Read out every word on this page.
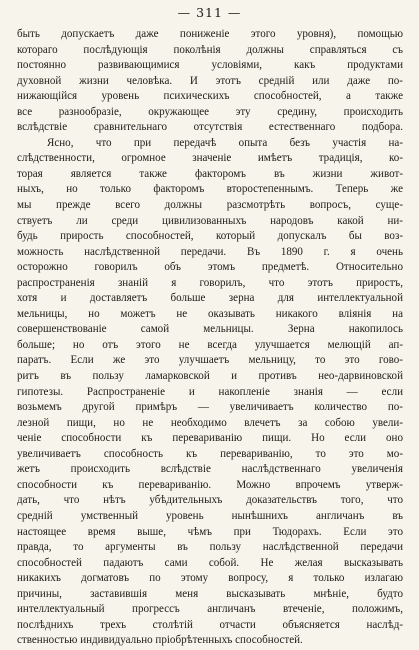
— 311 —
быть допускаетъ даже пониженіе этого уровня), помощью
котораго послѣдующія поколѣнія должны справляться съ
постоянно развивающимися условіями, какъ продуктами
духовной жизни человѣка. И этотъ средній или даже по-
нижающійся уровень психическихъ способностей, а также
все разнообразіе, окружающее эту средину, происходить
вслѣдствіе сравнительнаго отсутствія естественнаго подбора.
Ясно, что при передачѣ опыта безъ участія на-
слѣдственности, огромное значеніе имѣетъ традиція, ко-
торая является также факторомъ въ жизни живот-
ныхъ, но только факторомъ второстепеннымъ. Теперь же
мы прежде всего должны разсмотрѣть вопросъ, суще-
ствуетъ ли среди цивилизованныхъ народовъ какой ни-
будь прирость способностей, который допускалъ бы воз-
можность наслѣдственной передачи. Въ 1890 г. я очень
осторожно говорилъ объ этомъ предметѣ. Относительно
распространенія знаній я говорилъ, что этотъ приростъ,
хотя и доставляетъ больше зерна для интеллектуальной
мельницы, но можетъ не оказывать никакого вліянія на
совершенствованіе самой мельницы. Зерна накопилось
больше; но отъ этого не всегда улучшается мелющій ап-
паратъ. Если же это улучшаетъ мельницу, то это гово-
ритъ въ пользу ламарковской и противъ нео-дарвиновской
гипотезы. Распространеніе и накопленіе знанія — если
возьмемъ другой примѣръ — увеличиваетъ количество по-
лезной пищи, но не необходимо влечетъ за собою увели-
ченіе способности къ перевариванію пищи. Но если оно
увеличиваетъ способность къ перевариванію, то это мо-
жетъ происходить вслѣдствіе наслѣдственнаго увеличенія
способности къ перевариванію. Можно впрочемъ утверж-
дать, что нѣтъ убѣдительныхъ доказательствъ того, что
средній умственный уровень нынѣшнихъ англичанъ въ
настоящее время выше, чѣмъ при Тюдорахъ. Если это
правда, то аргументы въ пользу наслѣдственной передачи
способностей падаютъ сами собой. Не желая высказывать
никакихъ догматовъ по этому вопросу, я только излагаю
причины, заставившія меня высказывать мнѣніе, будто
интеллектуальный прогрессъ англичанъ втеченіе, положимъ,
послѣднихъ трехъ столѣтій отчасти объясняется наслѣд-
ственностью индивидуально пріобрѣтенныхъ способностей.
